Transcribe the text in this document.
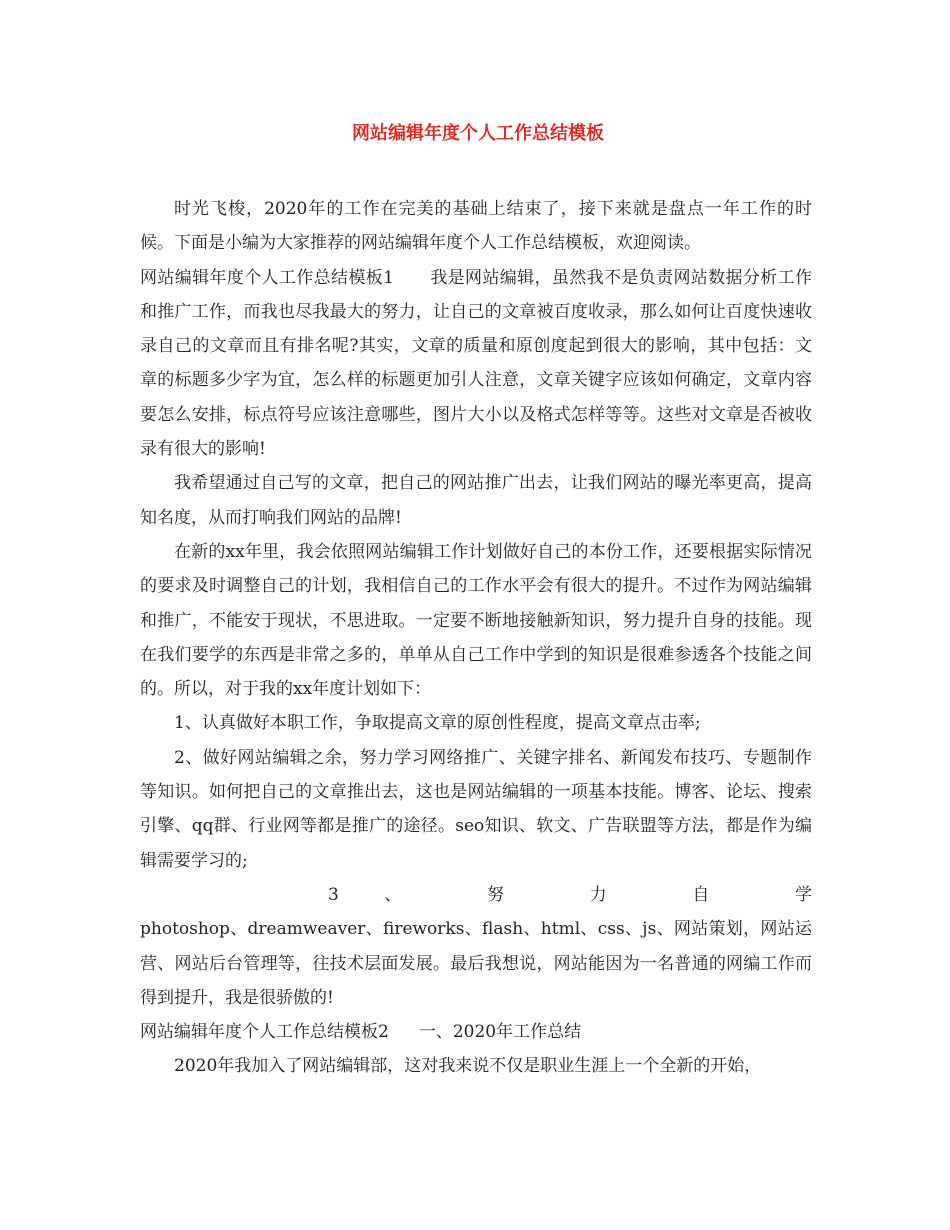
网站编辑年度个人工作总结模板

时光飞梭，2020年的工作在完美的基础上结束了，接下来就是盘点一年工作的时候。下面是小编为大家推荐的网站编辑年度个人工作总结模板，欢迎阅读。

网站编辑年度个人工作总结模板1 我是网站编辑，虽然我不是负责网站数据分析工作和推广工作，而我也尽我最大的努力，让自己的文章被百度收录，那么如何让百度快速收录自己的文章而且有排名呢?其实，文章的质量和原创度起到很大的影响，其中包括：文章的标题多少字为宜，怎么样的标题更加引人注意，文章关键字应该如何确定，文章内容要怎么安排，标点符号应该注意哪些，图片大小以及格式怎样等等。这些对文章是否被收录有很大的影响!

我希望通过自己写的文章，把自己的网站推广出去，让我们网站的曝光率更高，提高知名度，从而打响我们网站的品牌!

在新的xx年里，我会依照网站编辑工作计划做好自己的本份工作，还要根据实际情况的要求及时调整自己的计划，我相信自己的工作水平会有很大的提升。不过作为网站编辑和推广，不能安于现状，不思进取。一定要不断地接触新知识，努力提升自身的技能。现在我们要学的东西是非常之多的，单单从自己工作中学到的知识是很难参透各个技能之间的。所以，对于我的xx年度计划如下：

1、认真做好本职工作，争取提高文章的原创性程度，提高文章点击率;

2、做好网站编辑之余，努力学习网络推广、关键字排名、新闻发布技巧、专题制作等知识。如何把自己的文章推出去，这也是网站编辑的一项基本技能。博客、论坛、搜索引擎、qq群、行业网等都是推广的途径。seo知识、软文、广告联盟等方法，都是作为编辑需要学习的;

3 、 努 力 自 学

photoshop、dreamweaver、fireworks、flash、html、css、js、网站策划，网站运营、网站后台管理等，往技术层面发展。最后我想说，网站能因为一名普通的网编工作而得到提升，我是很骄傲的!

网站编辑年度个人工作总结模板2 一、2020年工作总结

2020年我加入了网站编辑部，这对我来说不仅是职业生涯上一个全新的开始，
